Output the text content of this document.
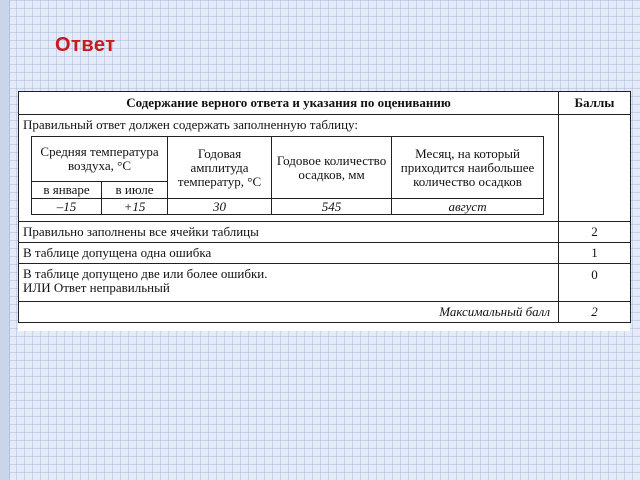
Ответ
Содержание верного ответа и указания по оцениванию	Баллы

Правильный ответ должен содержать заполненную таблицу:
Средняя температура воздуха, °С	Годовая амплитуда температур, °С	Годовое количество осадков, мм	Месяц, на который приходится наибольшее количество осадков
в январе	в июле
–15	+15	30	545	август

Правильно заполнены все ячейки таблицы	2
В таблице допущена одна ошибка	1

В таблице допущено две или более ошибки.
ИЛИ Ответ неправильный
	0
Максимальный балл	2
